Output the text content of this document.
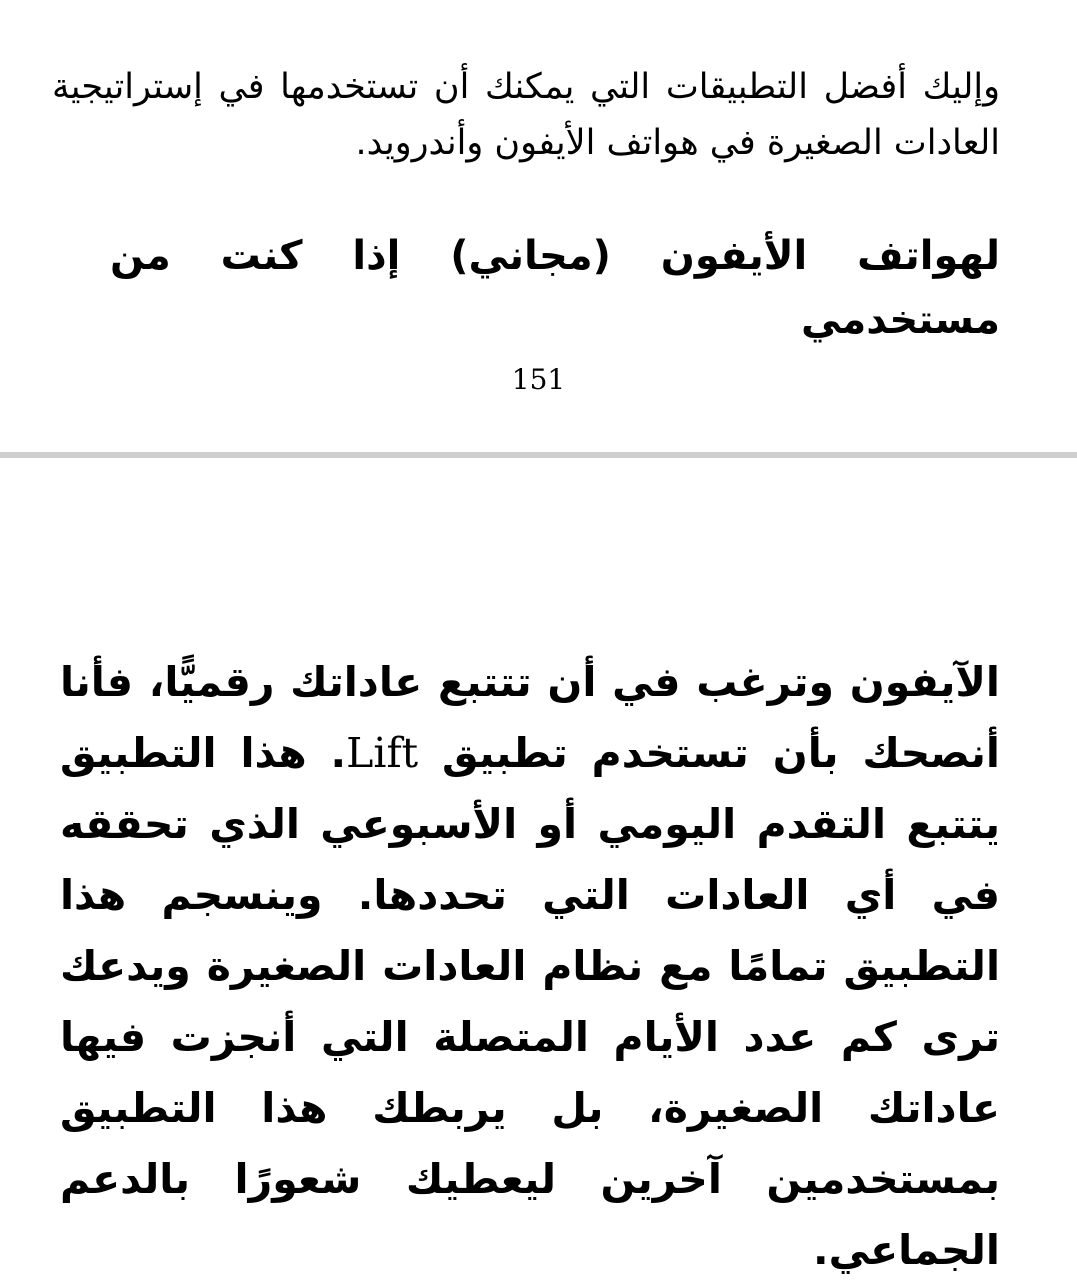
وإليك أفضل التطبيقات التي يمكنك أن تستخدمها في إستراتيجية العادات الصغيرة في هواتف الأيفون وأندرويد.

لهواتف الأيفون (مجاني) إذا كنت من مستخدمي

151

الآيفون وترغب في أن تتتبع عاداتك رقميًّا، فأنا أنصحك بأن تستخدم تطبيق Lift. هذا التطبيق يتتبع التقدم اليومي أو الأسبوعي الذي تحققه في أي العادات التي تحددها. وينسجم هذا التطبيق تمامًا مع نظام العادات الصغيرة ويدعك ترى كم عدد الأيام المتصلة التي أنجزت فيها عاداتك الصغيرة، بل يربطك هذا التطبيق بمستخدمين آخرين ليعطيك شعورًا بالدعم الجماعي.
